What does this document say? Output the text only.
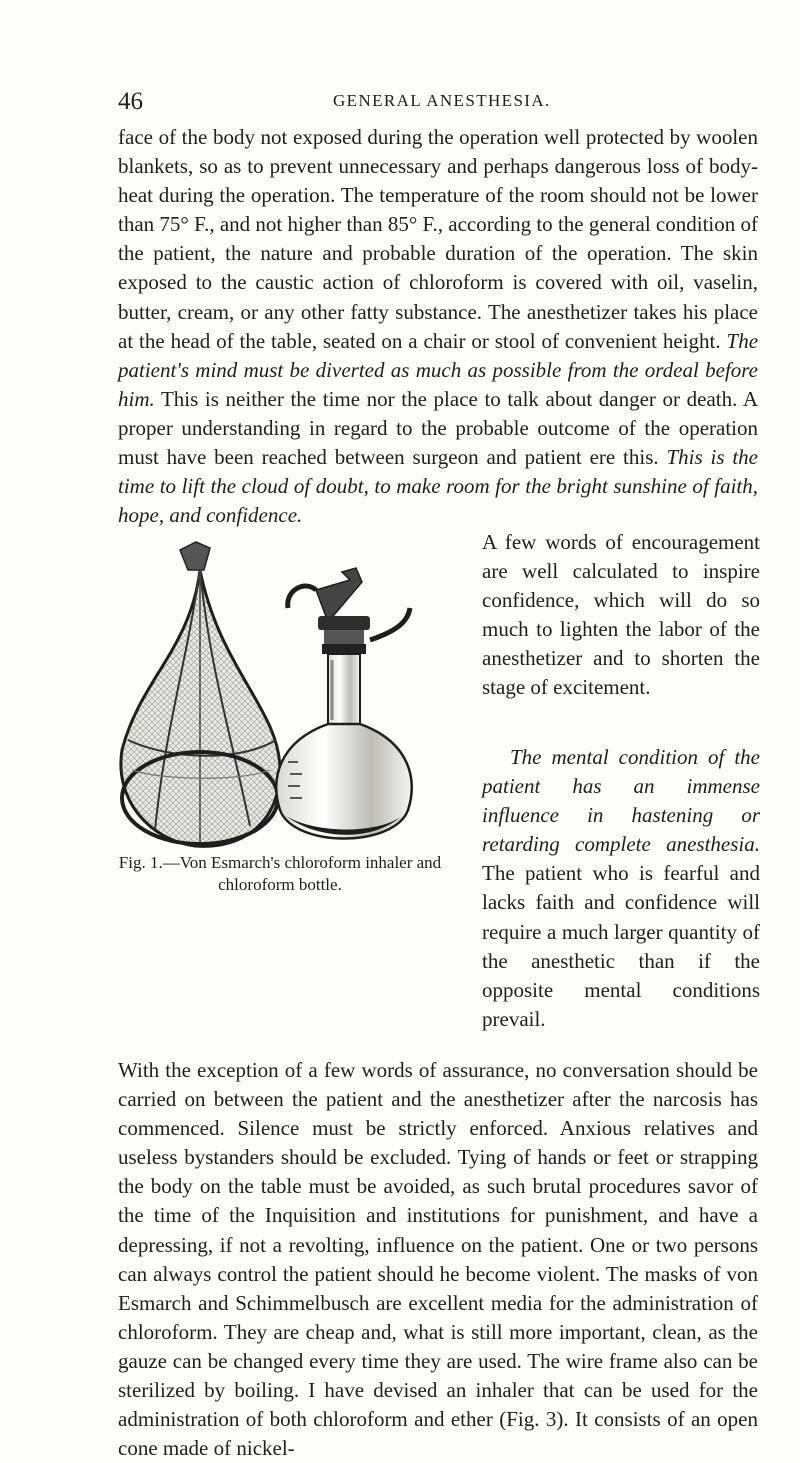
46	GENERAL ANESTHESIA.

face of the body not exposed during the operation well protected by woolen blankets, so as to prevent unnecessary and perhaps dangerous loss of body-heat during the operation. The temperature of the room should not be lower than 75° F., and not higher than 85° F., according to the general condition of the patient, the nature and probable duration of the operation. The skin exposed to the caustic action of chloroform is covered with oil, vaselin, butter, cream, or any other fatty substance. The anesthetizer takes his place at the head of the table, seated on a chair or stool of convenient height. The patient's mind must be diverted as much as possible from the ordeal before him. This is neither the time nor the place to talk about danger or death. A proper understanding in regard to the probable outcome of the operation must have been reached between surgeon and patient ere this. This is the time to lift the cloud of doubt, to make room for the bright sunshine of faith, hope, and confidence.

A few words of encouragement are well calculated to inspire confidence, which will do so much to lighten the labor of the anesthetizer and to shorten the stage of excitement.

The mental condition of the patient has an immense influence in hastening or retarding complete anesthesia. The patient who is fearful and lacks faith and confidence will require a much larger quantity of the anesthetic than if the opposite mental conditions prevail.

With the exception of a few words of assurance, no conversation should be carried on between the patient and the anesthetizer after the narcosis has commenced. Silence must be strictly enforced. Anxious relatives and useless bystanders should be excluded. Tying of hands or feet or strapping the body on the table must be avoided, as such brutal procedures savor of the time of the Inquisition and institutions for punishment, and have a depressing, if not a revolting, influence on the patient. One or two persons can always control the patient should he become violent. The masks of von Esmarch and Schimmelbusch are excellent media for the administration of chloroform. They are cheap and, what is still more important, clean, as the gauze can be changed every time they are used. The wire frame also can be sterilized by boiling. I have devised an inhaler that can be used for the administration of both chloroform and ether (Fig. 3). It consists of an open cone made of nickel-

Fig. 1.—Von Esmarch's chloroform inhaler and
chloroform bottle.
